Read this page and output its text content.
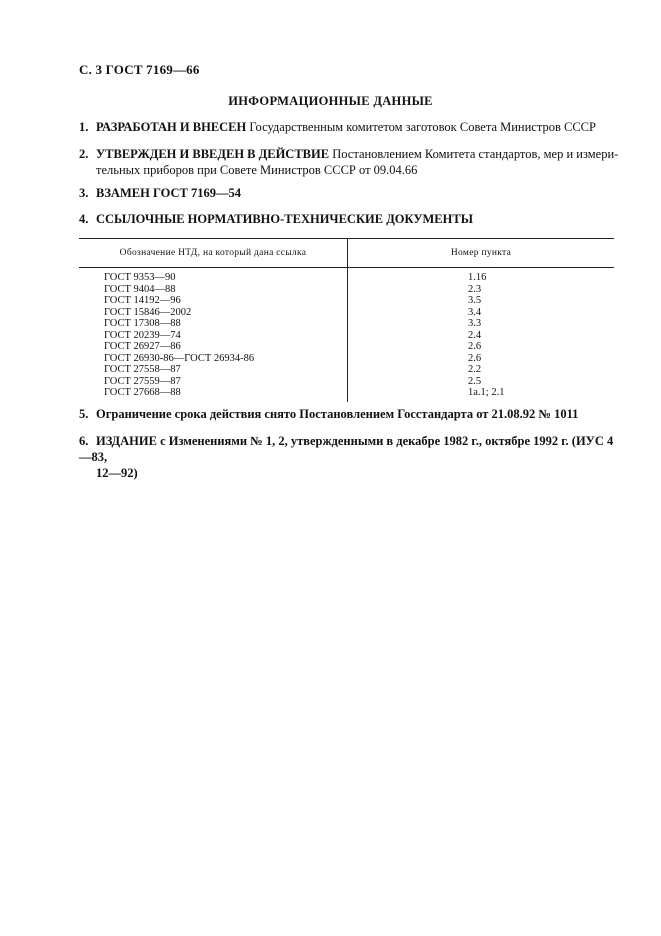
С. 3 ГОСТ 7169—66
ИНФОРМАЦИОННЫЕ ДАННЫЕ
1. РАЗРАБОТАН И ВНЕСЕН Государственным комитетом заготовок Совета Министров СССР

2. УТВЕРЖДЕН И ВВЕДЕН В ДЕЙСТВИЕ Постановлением Комитета стандартов, мер и измери-

тельных приборов при Совете Министров СССР от 09.04.66

3. ВЗАМЕН ГОСТ 7169—54
4. ССЫЛОЧНЫЕ НОРМАТИВНО-ТЕХНИЧЕСКИЕ ДОКУМЕНТЫ
Обозначение НТД, на который дана ссылка	Номер пункта
ГОСТ 9353—90	1.16
ГОСТ 9404—88	2.3
ГОСТ 14192—96	3.5
ГОСТ 15846—2002	3.4
ГОСТ 17308—88	3.3
ГОСТ 20239—74	2.4
ГОСТ 26927—86	2.6
ГОСТ 26930-86—ГОСТ 26934-86	2.6
ГОСТ 27558—87	2.2
ГОСТ 27559—87	2.5
ГОСТ 27668—88	1а.1; 2.1
5. Ограничение срока действия снято Постановлением Госстандарта от 21.08.92 № 1011

6. ИЗДАНИЕ с Изменениями № 1, 2, утвержденными в декабре 1982 г., октябре 1992 г. (ИУС 4—83,

12—92)
